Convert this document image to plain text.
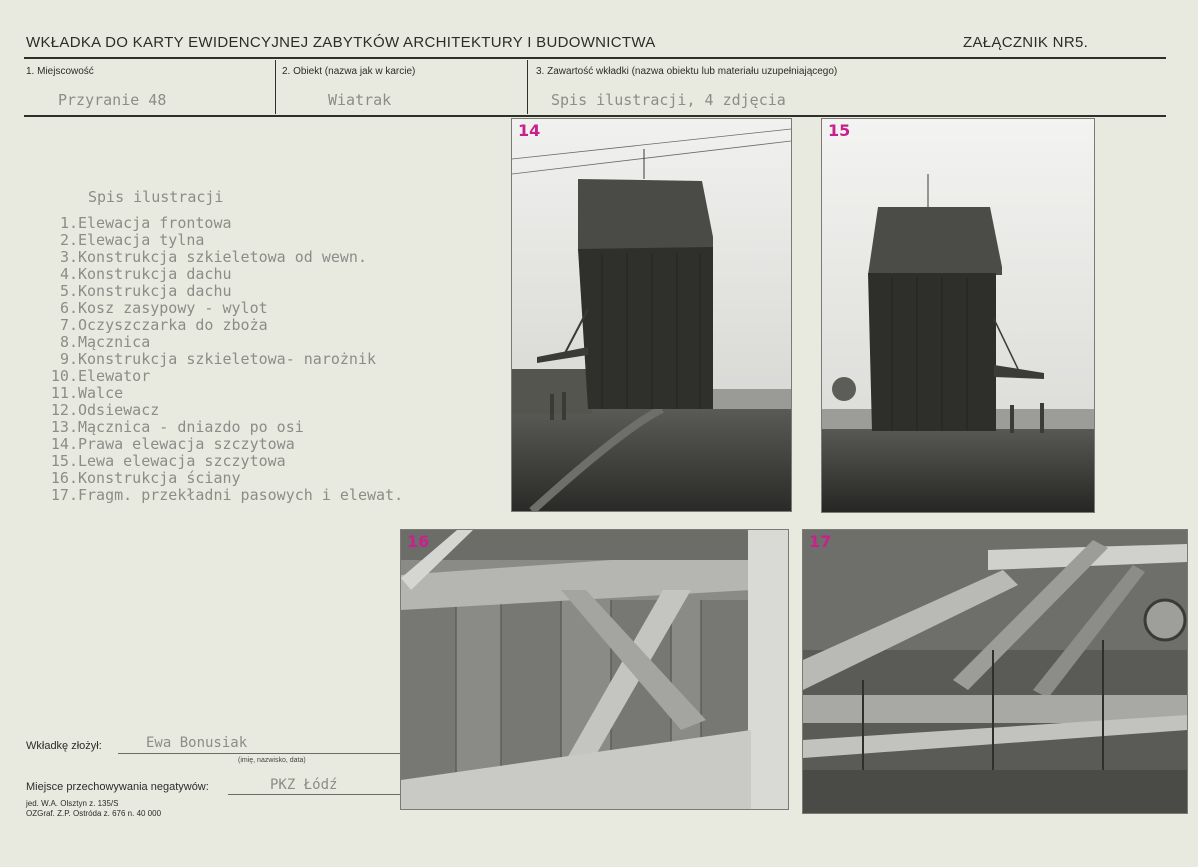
WKŁADKA DO KARTY EWIDENCYJNEJ ZABYTKÓW ARCHITEKTURY I BUDOWNICTWA	ZAŁĄCZNIK NR5.
1. Miejscowość
Przyranie 48
2. Obiekt (nazwa jak w karcie)
Wiatrak
3. Zawartość wkładki (nazwa obiektu lub materiału uzupełniającego)
Spis ilustracji, 4 zdjęcia
Spis ilustracji
1. Elewacja frontowa
2. Elewacja tylna
3. Konstrukcja szkieletowa od wewn.
4. Konstrukcja dachu
5. Konstrukcja dachu
6. Kosz zasypowy - wylot
7. Oczyszczarka do zboża
8. Mącznica
9. Konstrukcja szkieletowa- narożnik
10. Elewator
11. Walce
12. Odsiewacz
13. Mącznica - dniazdo po osi
14. Prawa elewacja szczytowa
15. Lewa elewacja szczytowa
16. Konstrukcja ściany
17. Fragm. przekładni pasowych i elewat.
14	15
16	17
Wkładkę złożył:	Ewa Bonusiak
(imię, nazwisko, data)
Miejsce przechowywania negatywów:	PKZ Łódź
jed. W.A. Olsztyn z. 135/S
OZGraf. Z.P. Ostróda z. 676 n. 40 000
